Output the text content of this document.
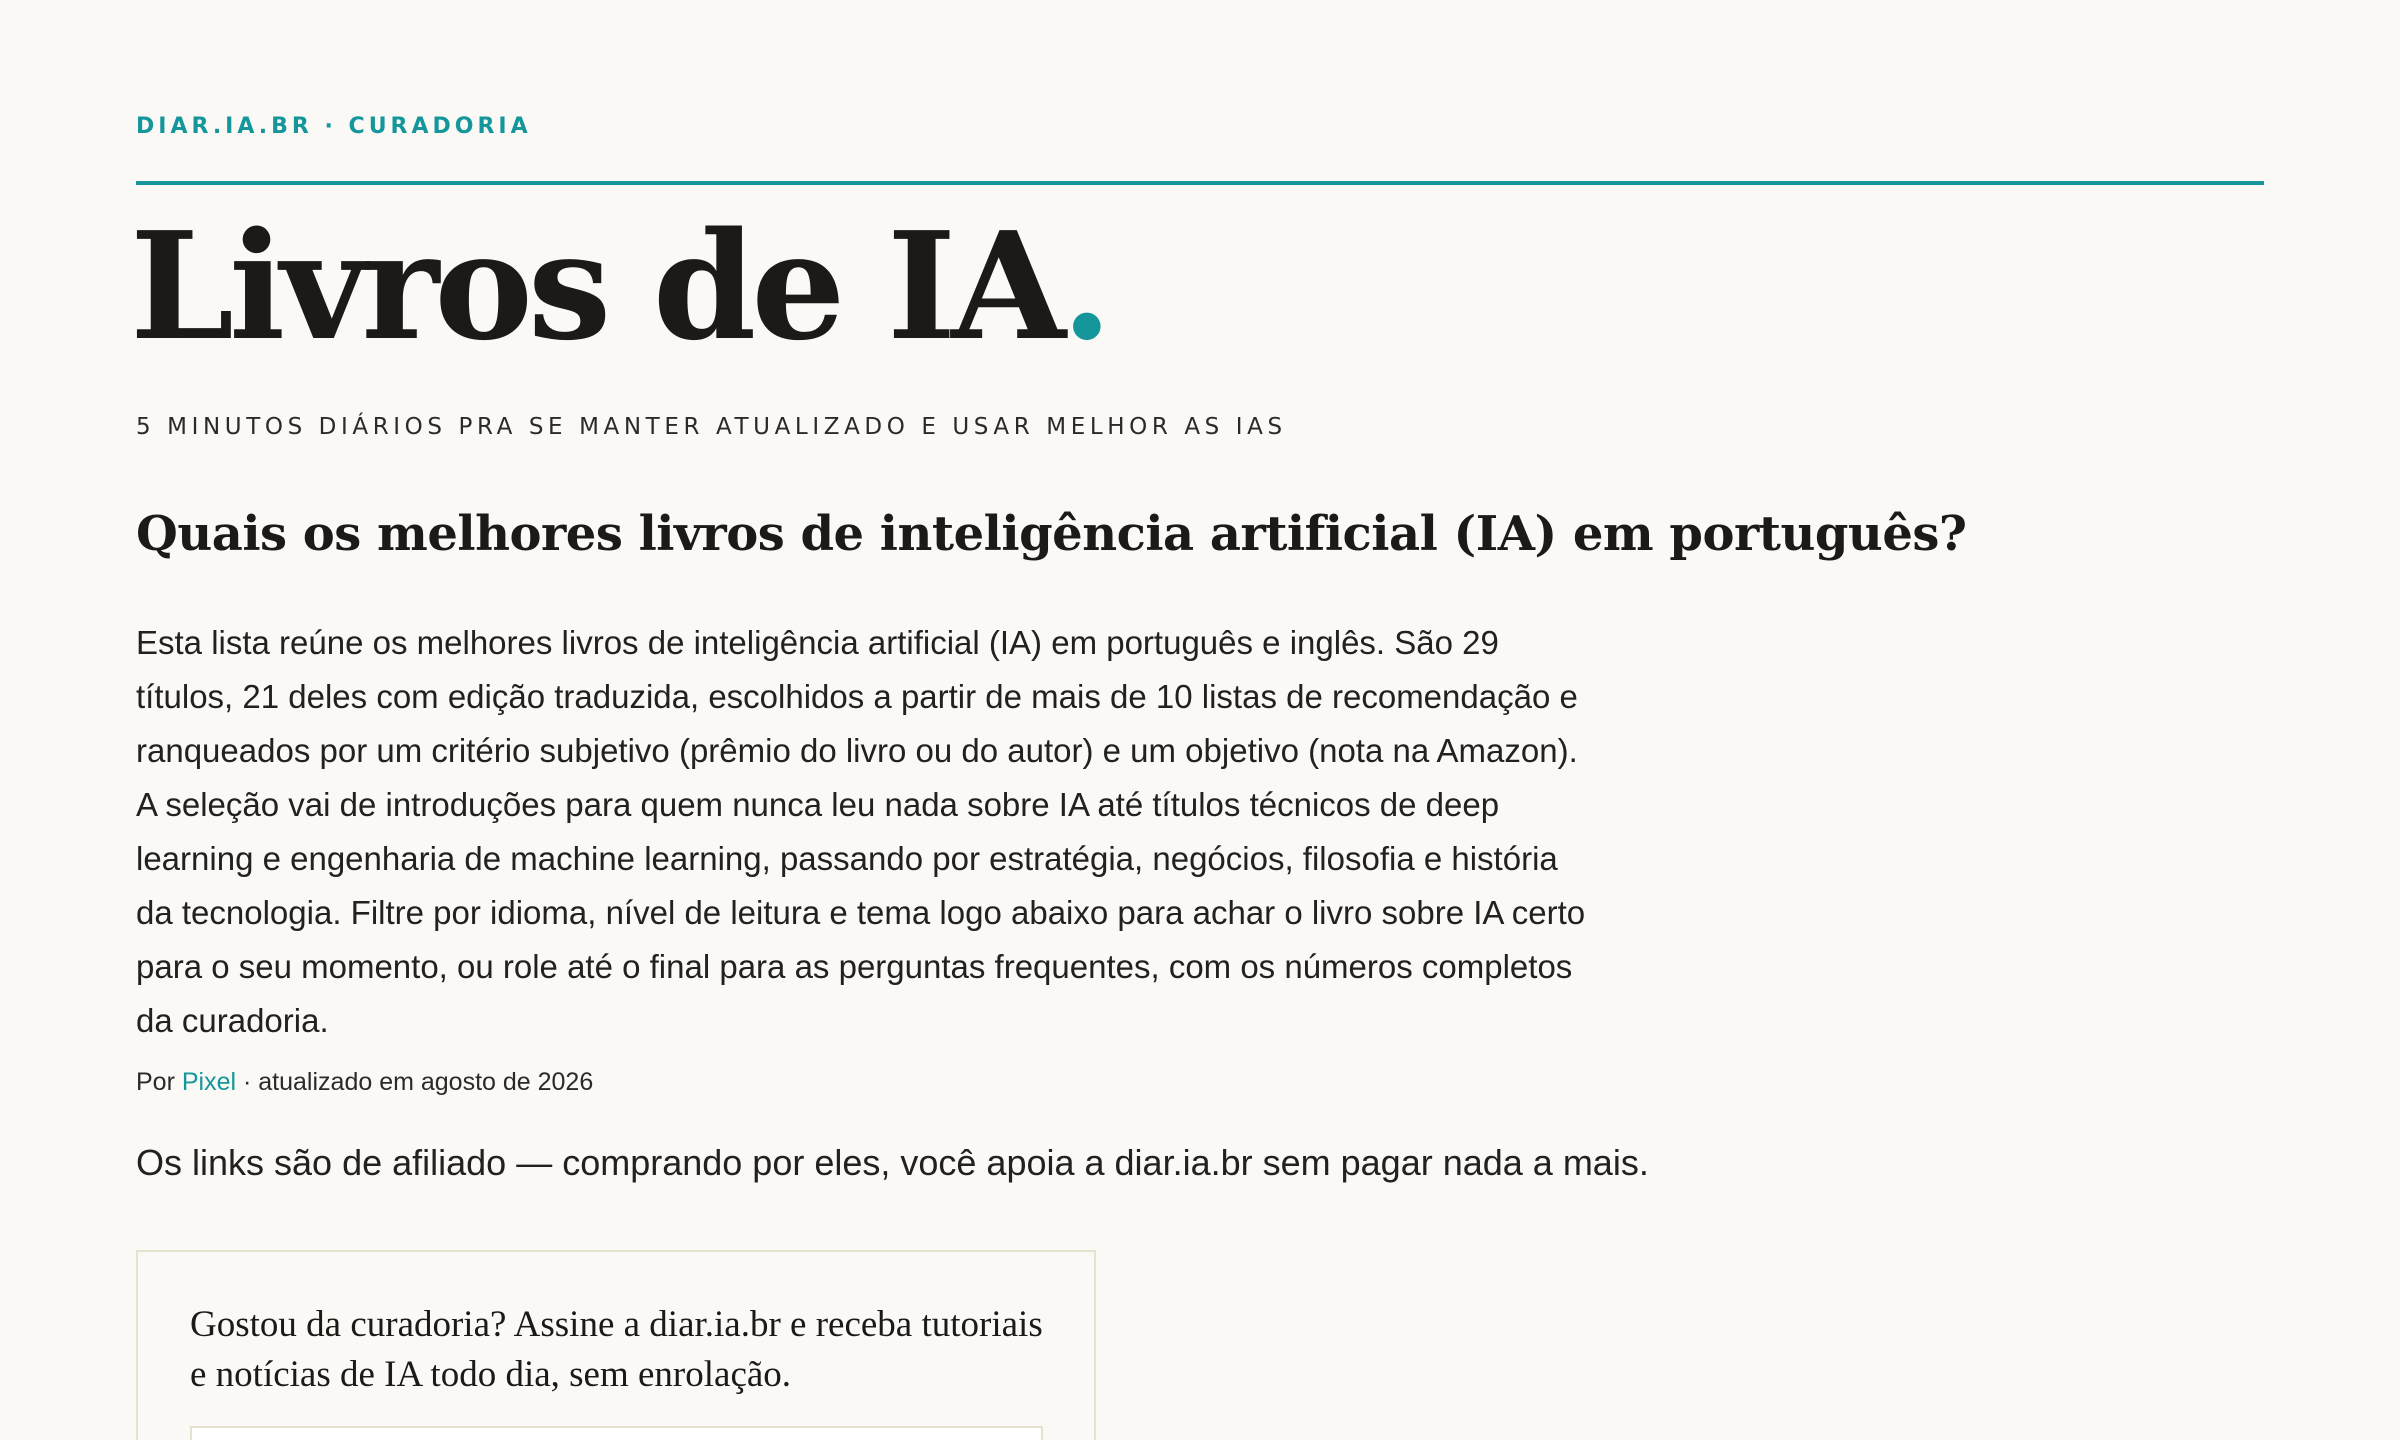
DIAR.IA.BR · CURADORIA
Livros de IA.
5 MINUTOS DIÁRIOS PRA SE MANTER ATUALIZADO E USAR MELHOR AS IAS
Quais os melhores livros de inteligência artificial (IA) em português?

Esta lista reúne os melhores livros de inteligência artificial (IA) em português e inglês. São 29 títulos, 21 deles com edição traduzida, escolhidos a partir de mais de 10 listas de recomendação e ranqueados por um critério subjetivo (prêmio do livro ou do autor) e um objetivo (nota na Amazon). A seleção vai de introduções para quem nunca leu nada sobre IA até títulos técnicos de deep learning e engenharia de machine learning, passando por estratégia, negócios, filosofia e história da tecnologia. Filtre por idioma, nível de leitura e tema logo abaixo para achar o livro sobre IA certo para o seu momento, ou role até o final para as perguntas frequentes, com os números completos da curadoria.

Por Pixel · atualizado em agosto de 2026

Os links são de afiliado — comprando por eles, você apoia a diar.ia.br sem pagar nada a mais.

Gostou da curadoria? Assine a diar.ia.br e receba tutoriais e notícias de IA todo dia, sem enrolação.
